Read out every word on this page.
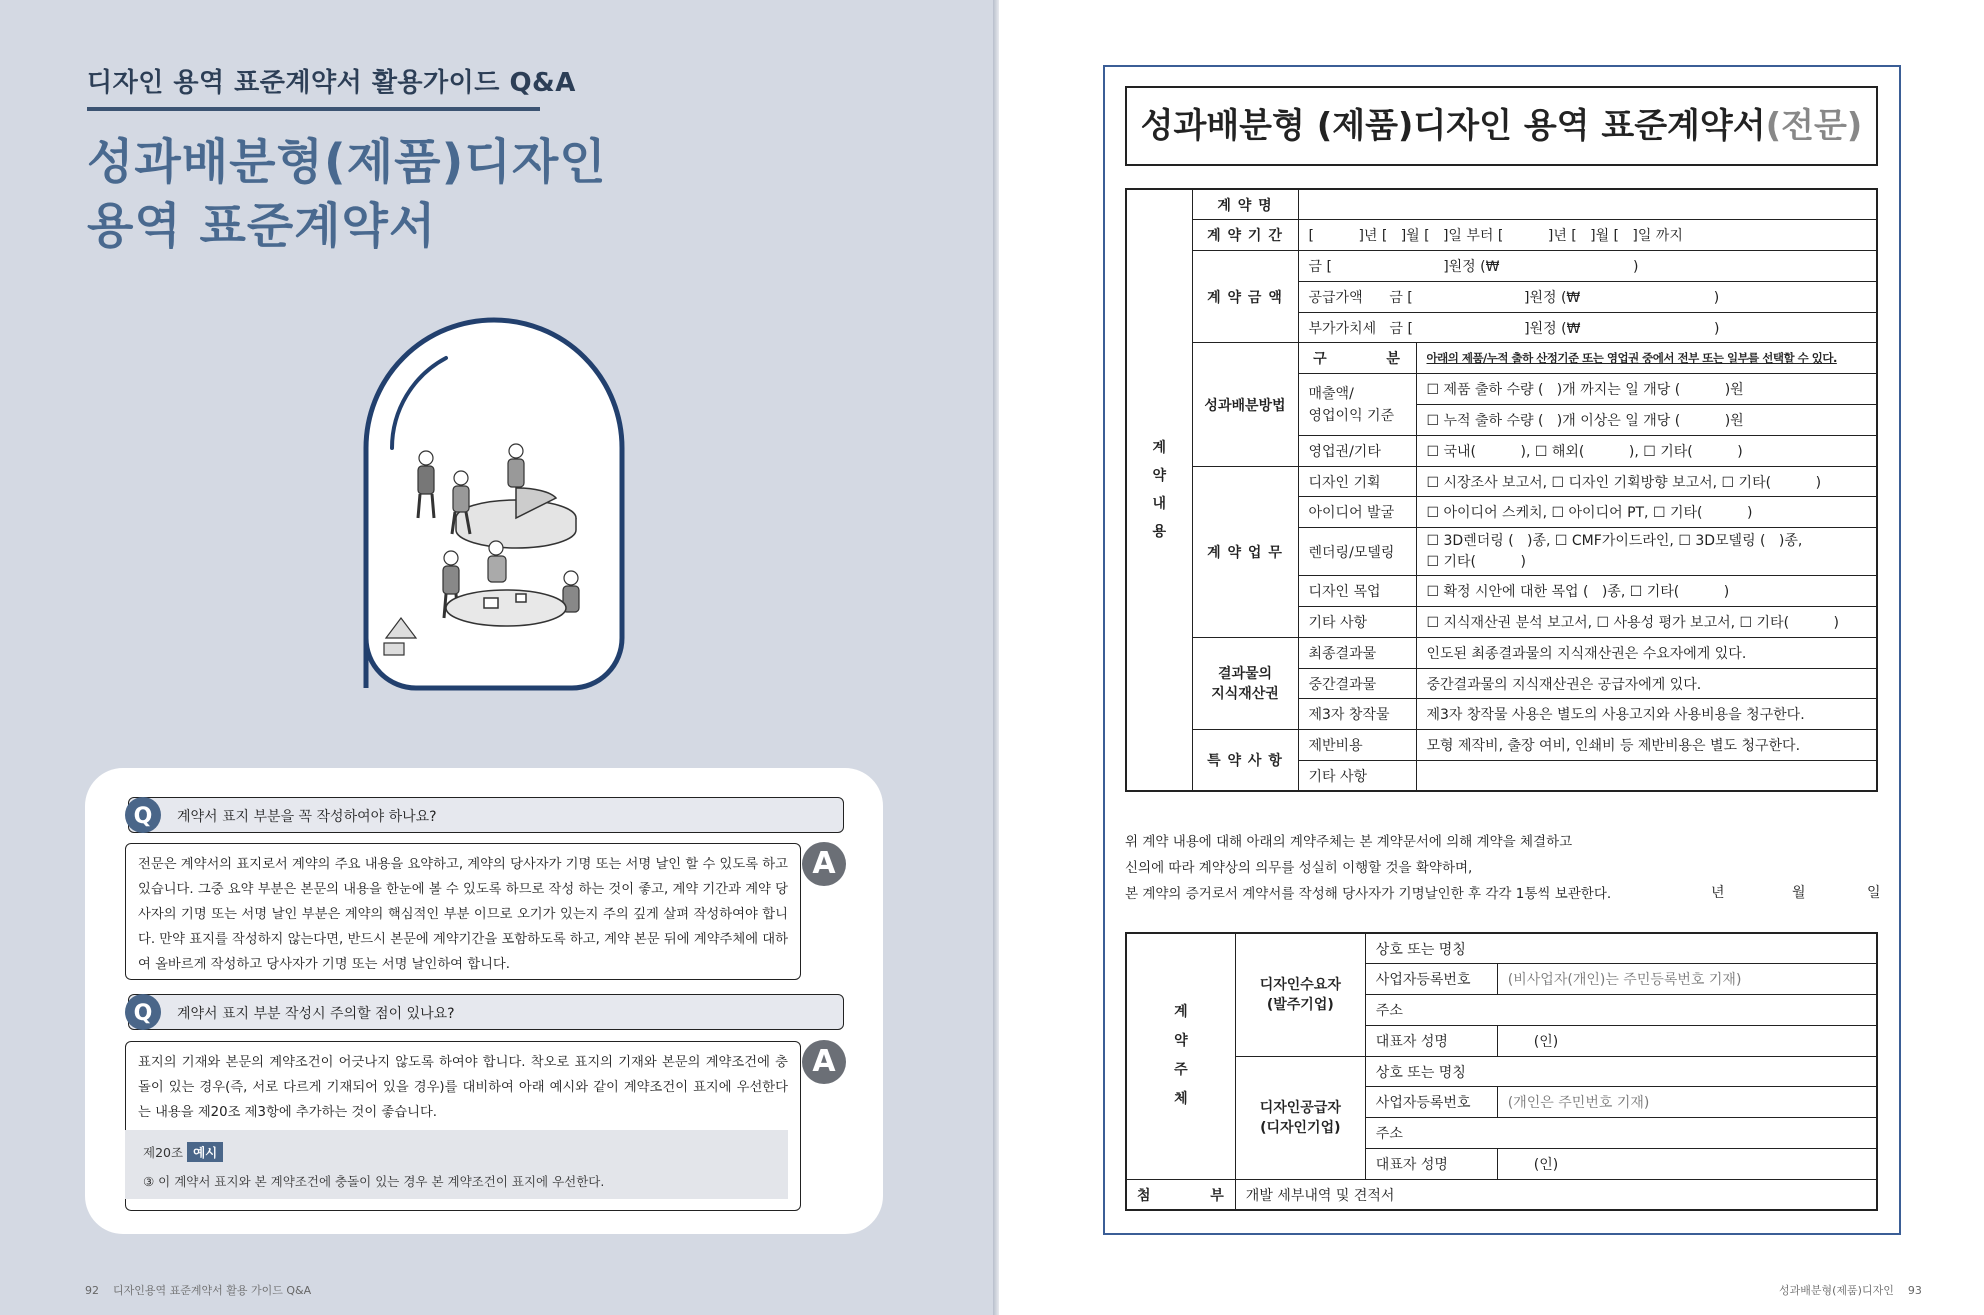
디자인 용역 표준계약서 활용가이드 Q&A
성과배분형(제품)디자인
용역 표준계약서
계약서 표지 부분을 꼭 작성하여야 하나요?
Q
전문은 계약서의 표지로서 계약의 주요 내용을 요약하고, 계약의 당사자가 기명 또는 서명 날인 할 수 있도록 하고 있습니다. 그중 요약 부분은 본문의 내용을 한눈에 볼 수 있도록 하므로 작성 하는 것이 좋고, 계약 기간과 계약 당사자의 기명 또는 서명 날인 부분은 계약의 핵심적인 부분 이므로 오기가 있는지 주의 깊게 살펴 작성하여야 합니다. 만약 표지를 작성하지 않는다면, 반드시 본문에 계약기간을 포함하도록 하고, 계약 본문 뒤에 계약주체에 대하여 올바르게 작성하고 당사자가 기명 또는 서명 날인하여 합니다.
A
계약서 표지 부분 작성시 주의할 점이 있나요?
Q
표지의 기재와 본문의 계약조건이 어긋나지 않도록 하여야 합니다. 착오로 표지의 기재와 본문의 계약조건에 충돌이 있는 경우(즉, 서로 다르게 기재되어 있을 경우)를 대비하여 아래 예시와 같이 계약조건이 표지에 우선한다는 내용을 제20조 제3항에 추가하는 것이 좋습니다.
A
제20조 예시
③ 이 계약서 표지와 본 계약조건에 충돌이 있는 경우 본 계약조건이 표지에 우선한다.
92 디자인용역 표준계약서 활용 가이드 Q&A
성과배분형 (제품)디자인 용역 표준계약서(전문)
계
약
내
용	계 약 명		
	계 약 기 간	[          ]년 [   ]월 [   ]일 부터 [          ]년 [   ]월 [   ]일 까지	
	계 약 금 액	금 [                         ]원정 (₩                              )	
		공급가액 금 [                         ]원정 (₩                              )	
		부가가치세 금 [                         ]원정 (₩                              )	
	성과배분방법	구          분	아래의 제품/누적 출하 산정기준 또는 영업권 중에서 전부 또는 일부를 선택할 수 있다.
		매출액/
영업이익 기준	☐ 제품 출하 수량 (   )개 까지는 일 개당 (          )원
			☐ 누적 출하 수량 (   )개 이상은 일 개당 (          )원
		영업권/기타	☐ 국내(          ), ☐ 해외(          ), ☐ 기타(          )
	계 약 업 무	디자인 기획	☐ 시장조사 보고서, ☐ 디자인 기획방향 보고서, ☐ 기타(          )
		아이디어 발굴	☐ 아이디어 스케치, ☐ 아이디어 PT, ☐ 기타(          )
		렌더링/모델링	☐ 3D렌더링 (   )종, ☐ CMF가이드라인, ☐ 3D모델링 (   )종,
☐ 기타(          )

		디자인 목업	☐ 확정 시안에 대한 목업 (   )종, ☐ 기타(          )
		기타 사항	☐ 지식재산권 분석 보고서, ☐ 사용성 평가 보고서, ☐ 기타(          )
	결과물의
지식재산권	최종결과물	인도된 최종결과물의 지식재산권은 수요자에게 있다.
		중간결과물	중간결과물의 지식재산권은 공급자에게 있다.
		제3자 창작물	제3자 창작물 사용은 별도의 사용고지와 사용비용을 청구한다.
	특 약 사 항	제반비용	모형 제작비, 출장 여비, 인쇄비 등 제반비용은 별도 청구한다.
		기타 사항	
위 계약 내용에 대해 아래의 계약주체는 본 계약문서에 의해 계약을 체결하고
신의에 따라 계약상의 의무를 성실히 이행할 것을 확약하며,
본 계약의 증거로서 계약서를 작성해 당사자가 기명날인한 후 각각 1통씩 보관한다.	년	월	일
계
약
주
체	디자인수요자
(발주기업)	상호 또는 명칭	
		사업자등록번호	(비사업자(개인)는 주민등록번호 기재)
		주소	
		대표자 성명	(인)
	디자인공급자
(디자인기업)	상호 또는 명칭	
		사업자등록번호	(개인은 주민번호 기재)
		주소	
		대표자 성명	(인)
첨          부	개발 세부내역 및 견적서		
성과배분형(제품)디자인 93
